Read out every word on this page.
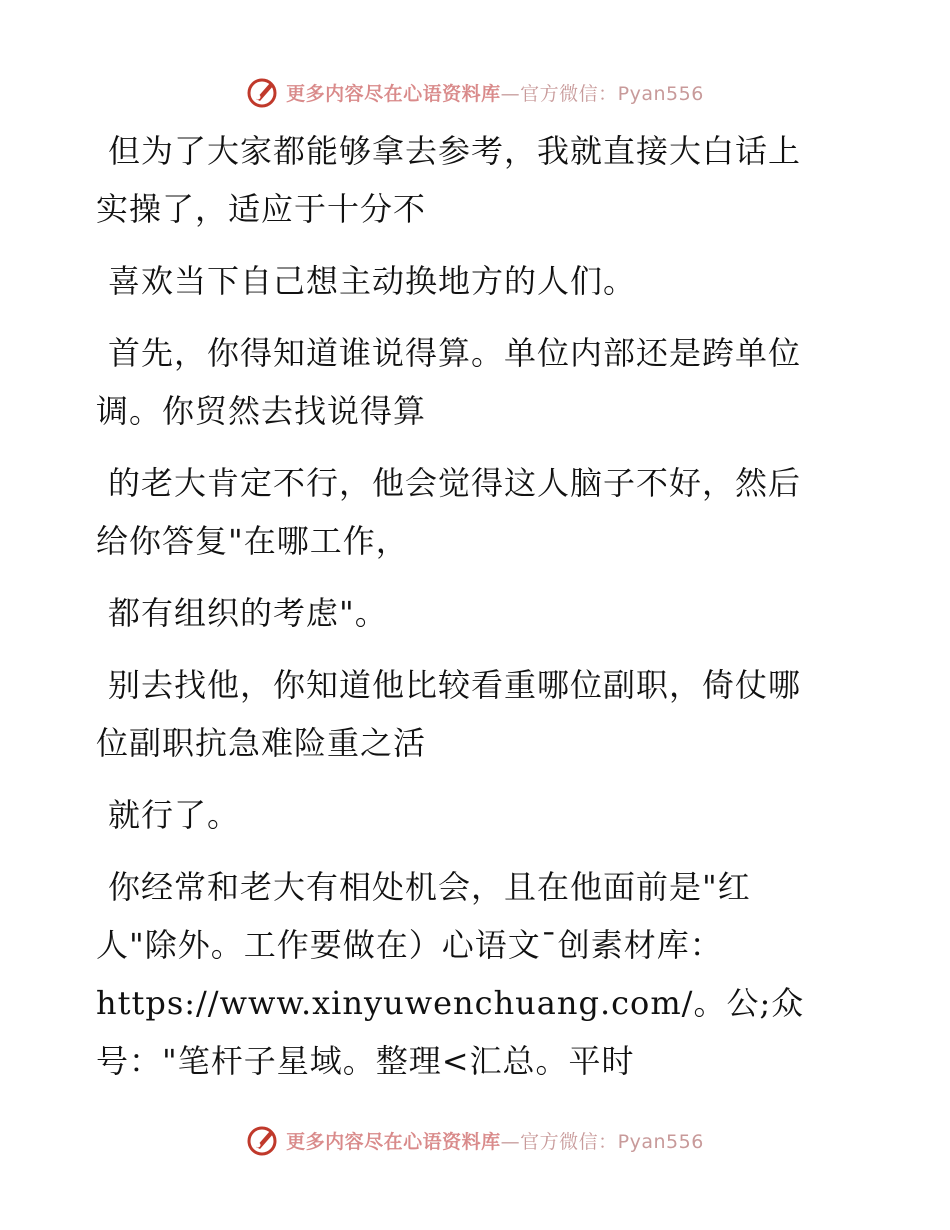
更多内容尽在心语资料库—官方微信：Pyan556
但为了大家都能够拿去参考，我就直接大白话上
实操了，适应于十分不
喜欢当下自己想主动换地方的人们。
首先，你得知道谁说得算。单位内部还是跨单位
调。你贸然去找说得算
的老大肯定不行，他会觉得这人脑子不好，然后
给你答复"在哪工作，
都有组织的考虑"。
别去找他，你知道他比较看重哪位副职，倚仗哪
位副职抗急难险重之活
就行了。
你经常和老大有相处机会，且在他面前是"红
人"除外。工作要做在）心语文¯创素材库：
https://www.xinyuwenchuang.com/。公;众
号："笔杆子星域。整理<汇总。平时
更多内容尽在心语资料库—官方微信：Pyan556
